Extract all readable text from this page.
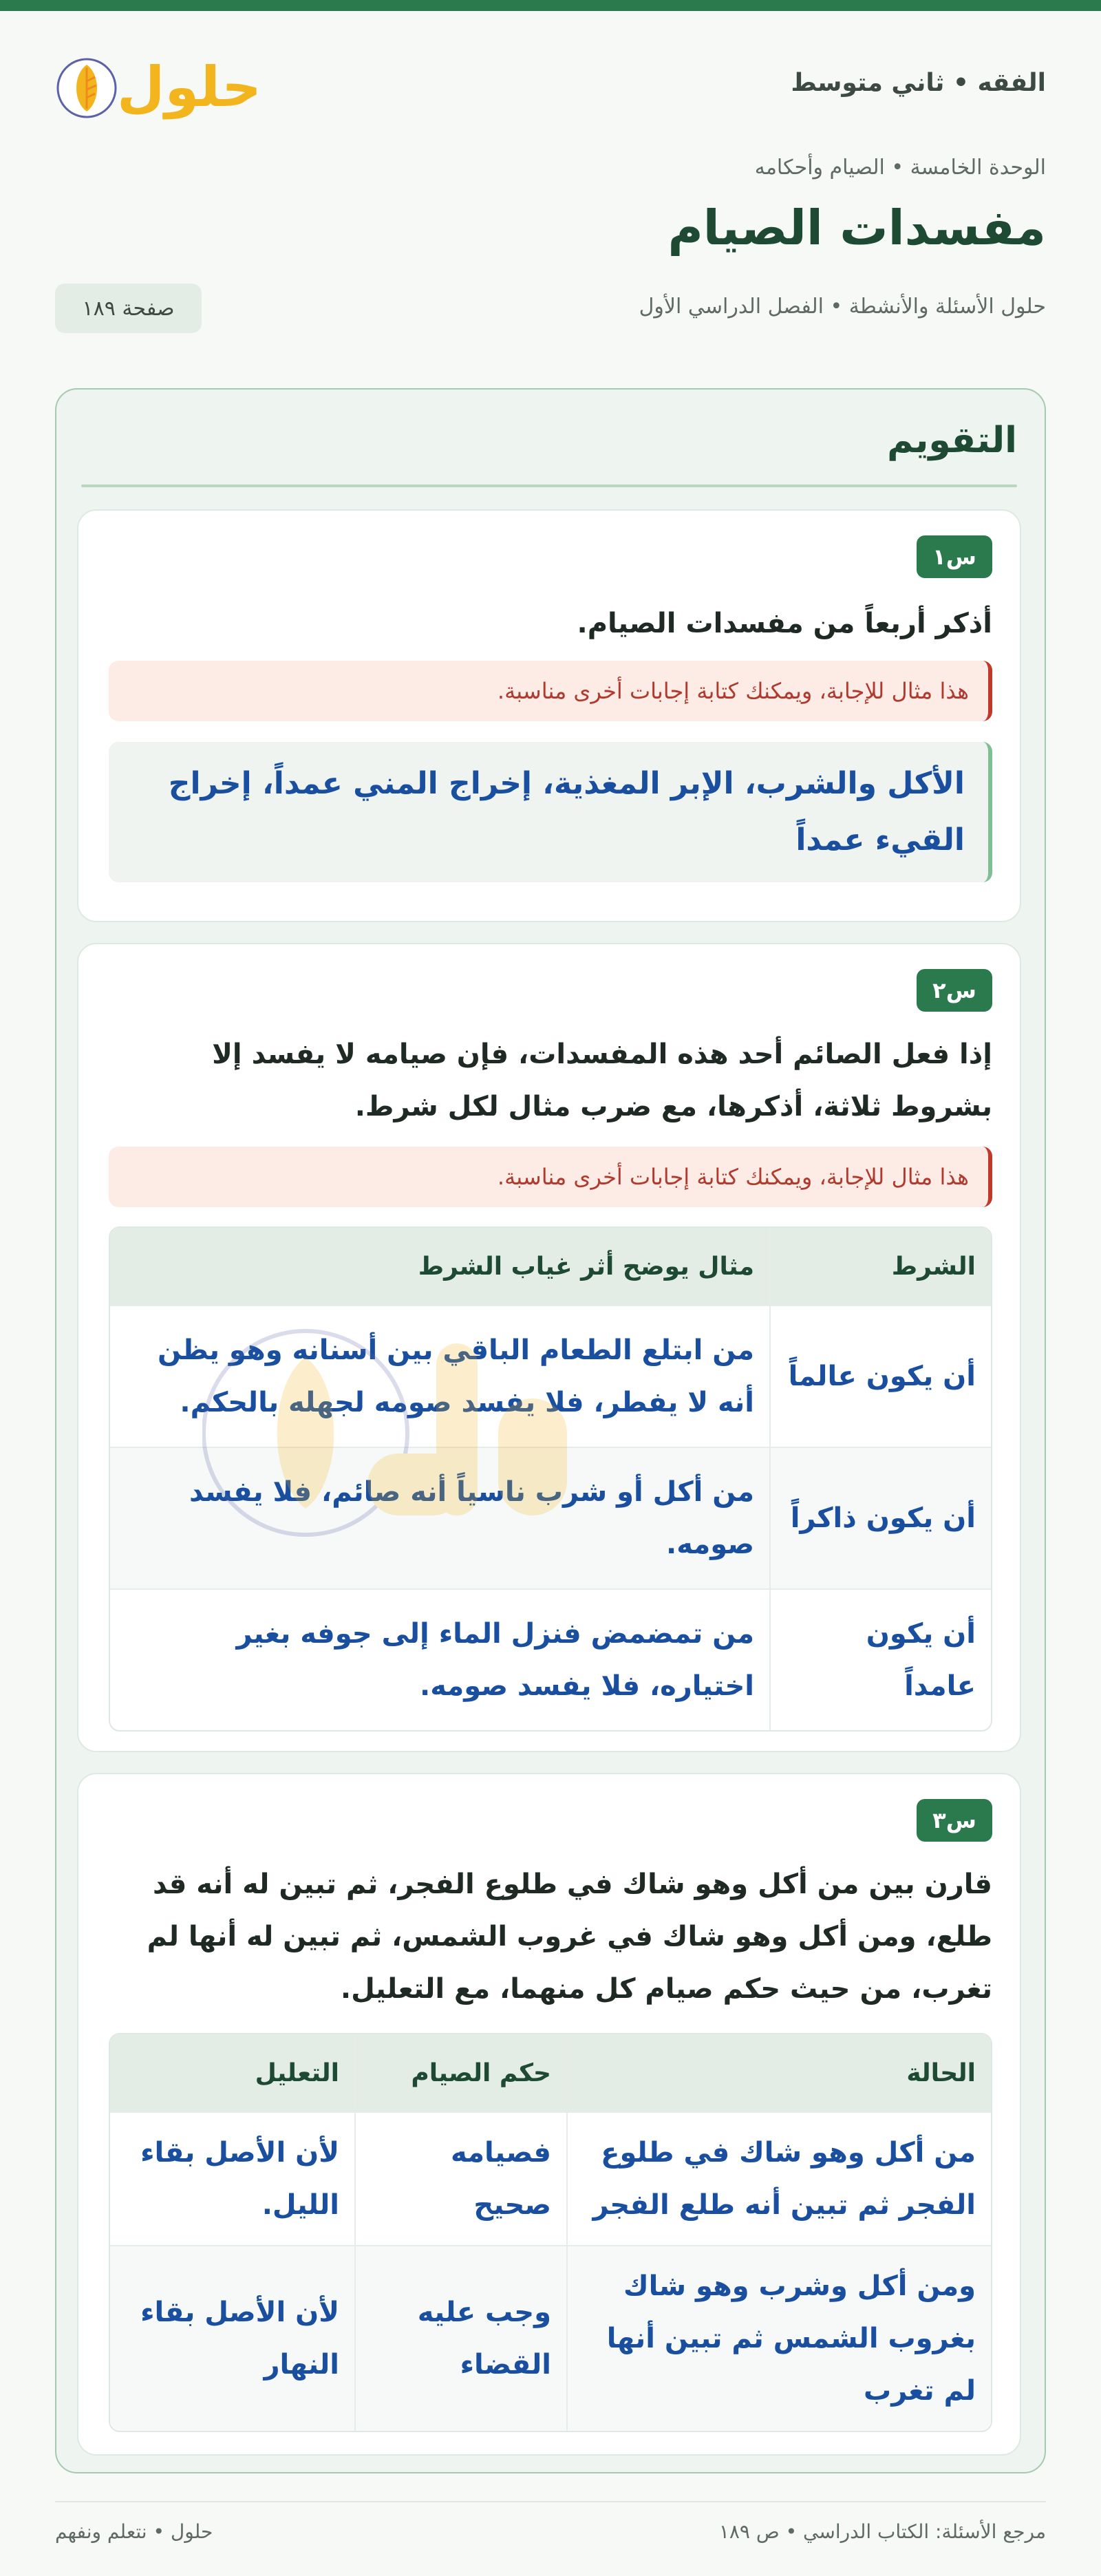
الفقه • ثاني متوسط
حلول
الوحدة الخامسة • الصيام وأحكامه
مفسدات الصيام
حلول الأسئلة والأنشطة • الفصل الدراسي الأول
صفحة ١٨٩
التقويم
س١
أذكر أربعاً من مفسدات الصيام.
هذا مثال للإجابة، ويمكنك كتابة إجابات أخرى مناسبة.
الأكل والشرب، الإبر المغذية، إخراج المني عمداً، إخراج القيء عمداً
س٢
إذا فعل الصائم أحد هذه المفسدات، فإن صيامه لا يفسد إلا بشروط ثلاثة، أذكرها، مع ضرب مثال لكل شرط.
هذا مثال للإجابة، ويمكنك كتابة إجابات أخرى مناسبة.
الشرط	مثال يوضح أثر غياب الشرط
أن يكون عالماً	من ابتلع الطعام الباقي بين أسنانه وهو يظن أنه لا يفطر، فلا يفسد صومه لجهله بالحكم.
أن يكون ذاكراً	من أكل أو شرب ناسياً أنه صائم، فلا يفسد صومه.
أن يكون عامداً	من تمضمض فنزل الماء إلى جوفه بغير اختياره، فلا يفسد صومه.
س٣
قارن بين من أكل وهو شاك في طلوع الفجر، ثم تبين له أنه قد طلع، ومن أكل وهو شاك في غروب الشمس، ثم تبين له أنها لم تغرب، من حيث حكم صيام كل منهما، مع التعليل.
الحالة	حكم الصيام	التعليل
من أكل وهو شاك في طلوع الفجر ثم تبين أنه طلع الفجر	فصيامه صحيح	لأن الأصل بقاء الليل.
ومن أكل وشرب وهو شاك بغروب الشمس ثم تبين أنها لم تغرب	وجب عليه القضاء	لأن الأصل بقاء النهار
مرجع الأسئلة: الكتاب الدراسي • ص ١٨٩
حلول • نتعلم ونفهم
